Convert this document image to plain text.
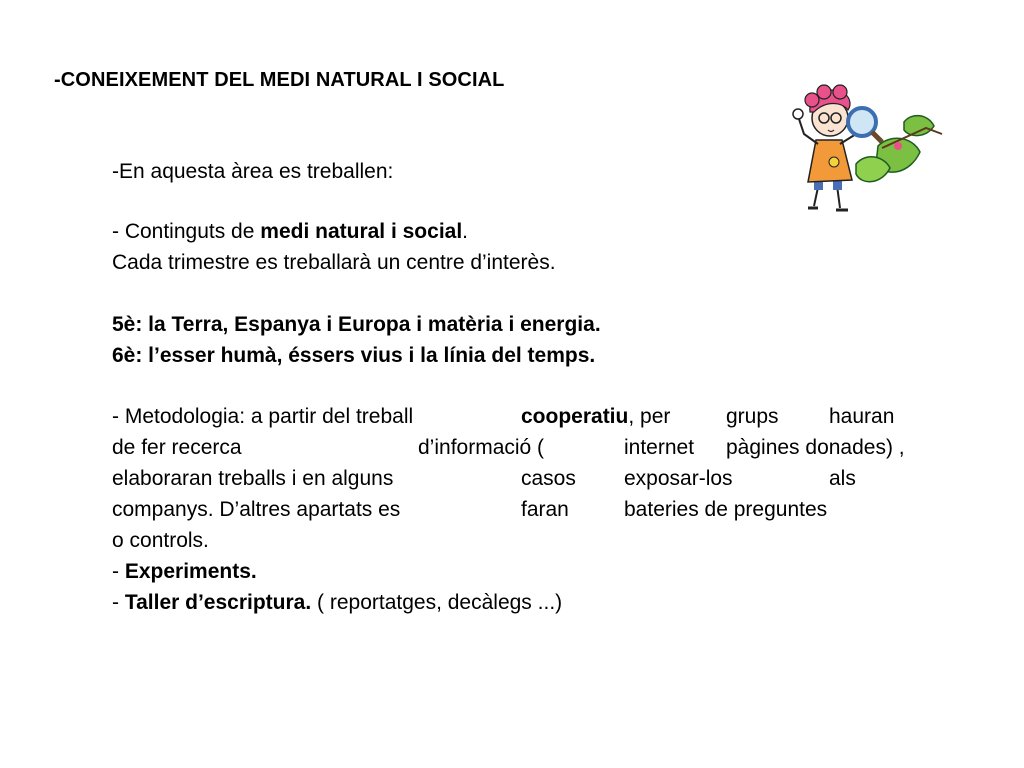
-CONEIXEMENT DEL MEDI NATURAL I SOCIAL
-En aquesta àrea es treballen:
- Continguts de medi natural i social.
Cada trimestre es treballarà un centre d’interès.
5è: la Terra, Espanya i Europa i matèria i energia.
6è: l’esser humà, éssers vius i la línia del temps.
- Metodologia: a partir del treball	cooperatiu, per	grups hauran
de fer recerca	d’informació (	internet pàgines donades) ,
elaboraran treballs i en alguns	casos exposar-los	als
companys. D’altres apartats es	faran	bateries de preguntes
o controls.
- Experiments.
- Taller d’escriptura. ( reportatges, decàlegs ...)
